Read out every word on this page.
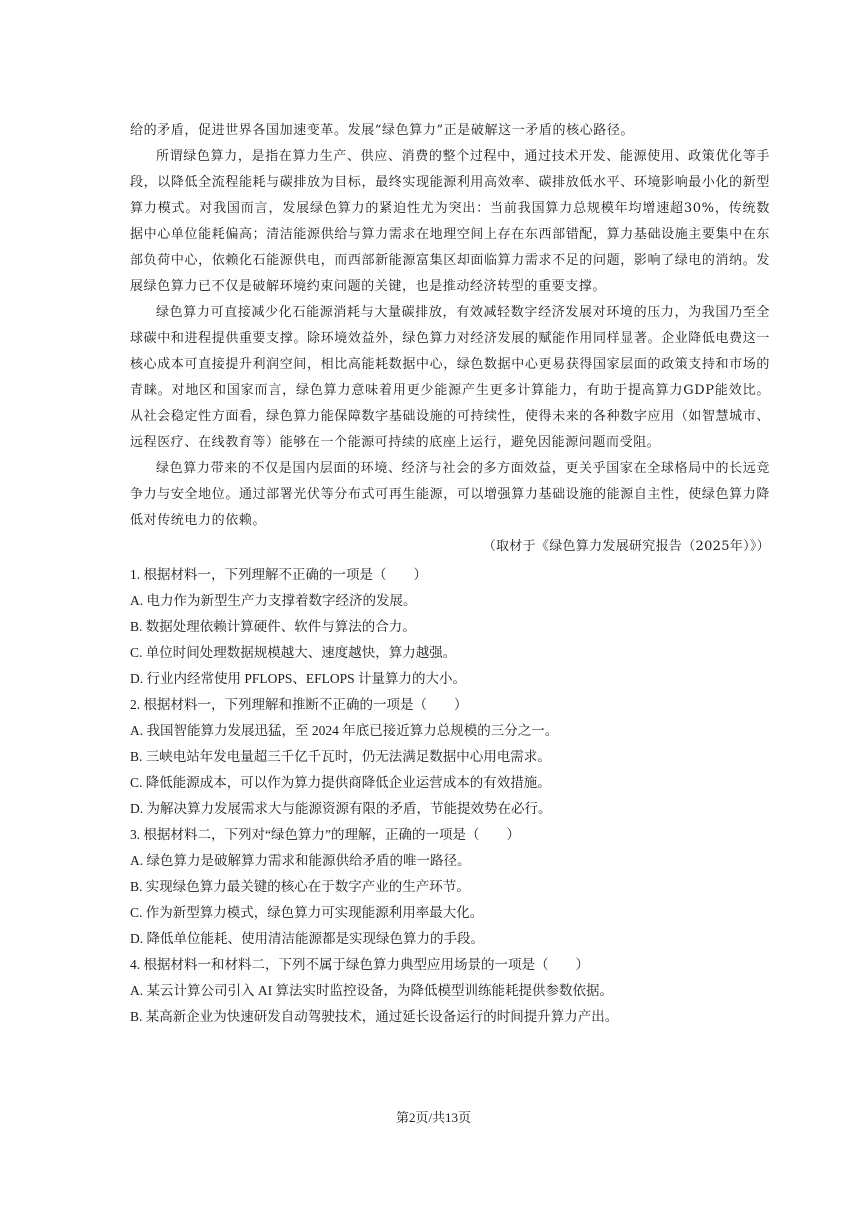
给的矛盾，促进世界各国加速变革。发展“绿色算力”正是破解这一矛盾的核心路径。

所谓绿色算力，是指在算力生产、供应、消费的整个过程中，通过技术开发、能源使用、政策优化等手段，以降低全流程能耗与碳排放为目标，最终实现能源利用高效率、碳排放低水平、环境影响最小化的新型算力模式。对我国而言，发展绿色算力的紧迫性尤为突出：当前我国算力总规模年均增速超30%，传统数据中心单位能耗偏高；清洁能源供给与算力需求在地理空间上存在东西部错配，算力基础设施主要集中在东部负荷中心，依赖化石能源供电，而西部新能源富集区却面临算力需求不足的问题，影响了绿电的消纳。发展绿色算力已不仅是破解环境约束问题的关键，也是推动经济转型的重要支撑。

绿色算力可直接减少化石能源消耗与大量碳排放，有效减轻数字经济发展对环境的压力，为我国乃至全球碳中和进程提供重要支撑。除环境效益外，绿色算力对经济发展的赋能作用同样显著。企业降低电费这一核心成本可直接提升利润空间，相比高能耗数据中心，绿色数据中心更易获得国家层面的政策支持和市场的青睐。对地区和国家而言，绿色算力意味着用更少能源产生更多计算能力，有助于提高算力GDP能效比。从社会稳定性方面看，绿色算力能保障数字基础设施的可持续性，使得未来的各种数字应用（如智慧城市、远程医疗、在线教育等）能够在一个能源可持续的底座上运行，避免因能源问题而受阻。

绿色算力带来的不仅是国内层面的环境、经济与社会的多方面效益，更关乎国家在全球格局中的长远竞争力与安全地位。通过部署光伏等分布式可再生能源，可以增强算力基础设施的能源自主性，使绿色算力降低对传统电力的依赖。

（取材于《绿色算力发展研究报告（2025年）》）

1. 根据材料一，下列理解不正确的一项是（　　）

A. 电力作为新型生产力支撑着数字经济的发展。

B. 数据处理依赖计算硬件、软件与算法的合力。

C. 单位时间处理数据规模越大、速度越快，算力越强。

D. 行业内经常使用 PFLOPS、EFLOPS 计量算力的大小。

2. 根据材料一，下列理解和推断不正确的一项是（　　）

A. 我国智能算力发展迅猛，至 2024 年底已接近算力总规模的三分之一。

B. 三峡电站年发电量超三千亿千瓦时，仍无法满足数据中心用电需求。

C. 降低能源成本，可以作为算力提供商降低企业运营成本的有效措施。

D. 为解决算力发展需求大与能源资源有限的矛盾，节能提效势在必行。

3. 根据材料二，下列对“绿色算力”的理解，正确的一项是（　　）

A. 绿色算力是破解算力需求和能源供给矛盾的唯一路径。

B. 实现绿色算力最关键的核心在于数字产业的生产环节。

C. 作为新型算力模式，绿色算力可实现能源利用率最大化。

D. 降低单位能耗、使用清洁能源都是实现绿色算力的手段。

4. 根据材料一和材料二，下列不属于绿色算力典型应用场景的一项是（　　）

A. 某云计算公司引入 AI 算法实时监控设备，为降低模型训练能耗提供参数依据。

B. 某高新企业为快速研发自动驾驶技术，通过延长设备运行的时间提升算力产出。

第2页/共13页
